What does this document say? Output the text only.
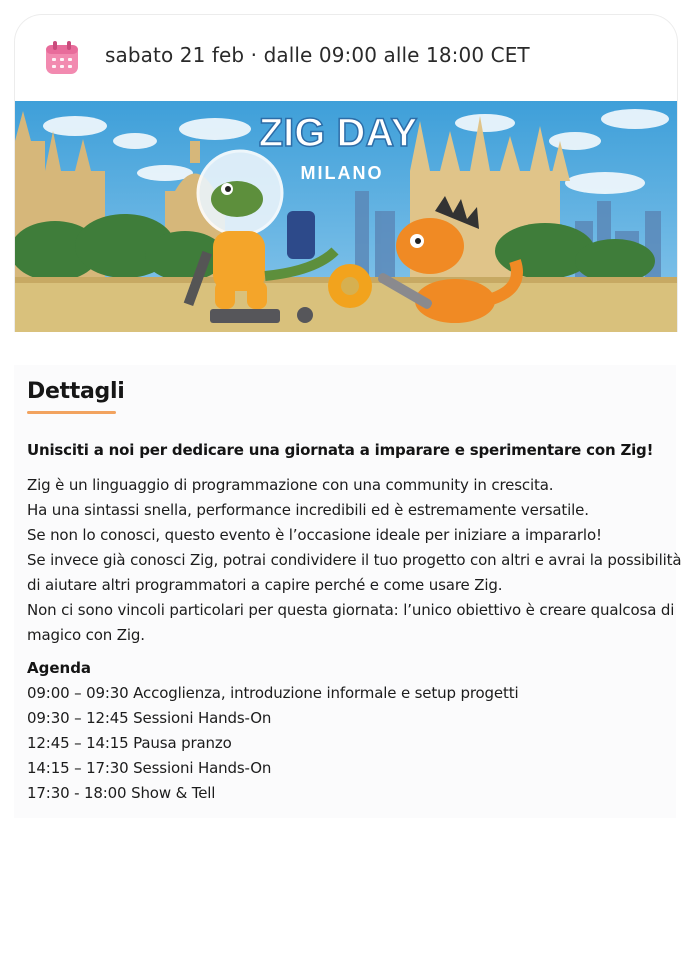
sabato 21 feb · dalle 09:00 alle 18:00 CET
ZIG DAY
MILANO
Dettagli
Unisciti a noi per dedicare una giornata a imparare e sperimentare con Zig!
Zig è un linguaggio di programmazione con una community in crescita.
Ha una sintassi snella, performance incredibili ed è estremamente versatile.
Se non lo conosci, questo evento è l’occasione ideale per iniziare a impararlo!
Se invece già conosci Zig, potrai condividere il tuo progetto con altri e avrai la possibilità
di aiutare altri programmatori a capire perché e come usare Zig.
Non ci sono vincoli particolari per questa giornata: l’unico obiettivo è creare qualcosa di
magico con Zig.
Agenda
09:00 – 09:30 Accoglienza, introduzione informale e setup progetti
09:30 – 12:45 Sessioni Hands-On
12:45 – 14:15 Pausa pranzo
14:15 – 17:30 Sessioni Hands-On
17:30 - 18:00 Show & Tell
